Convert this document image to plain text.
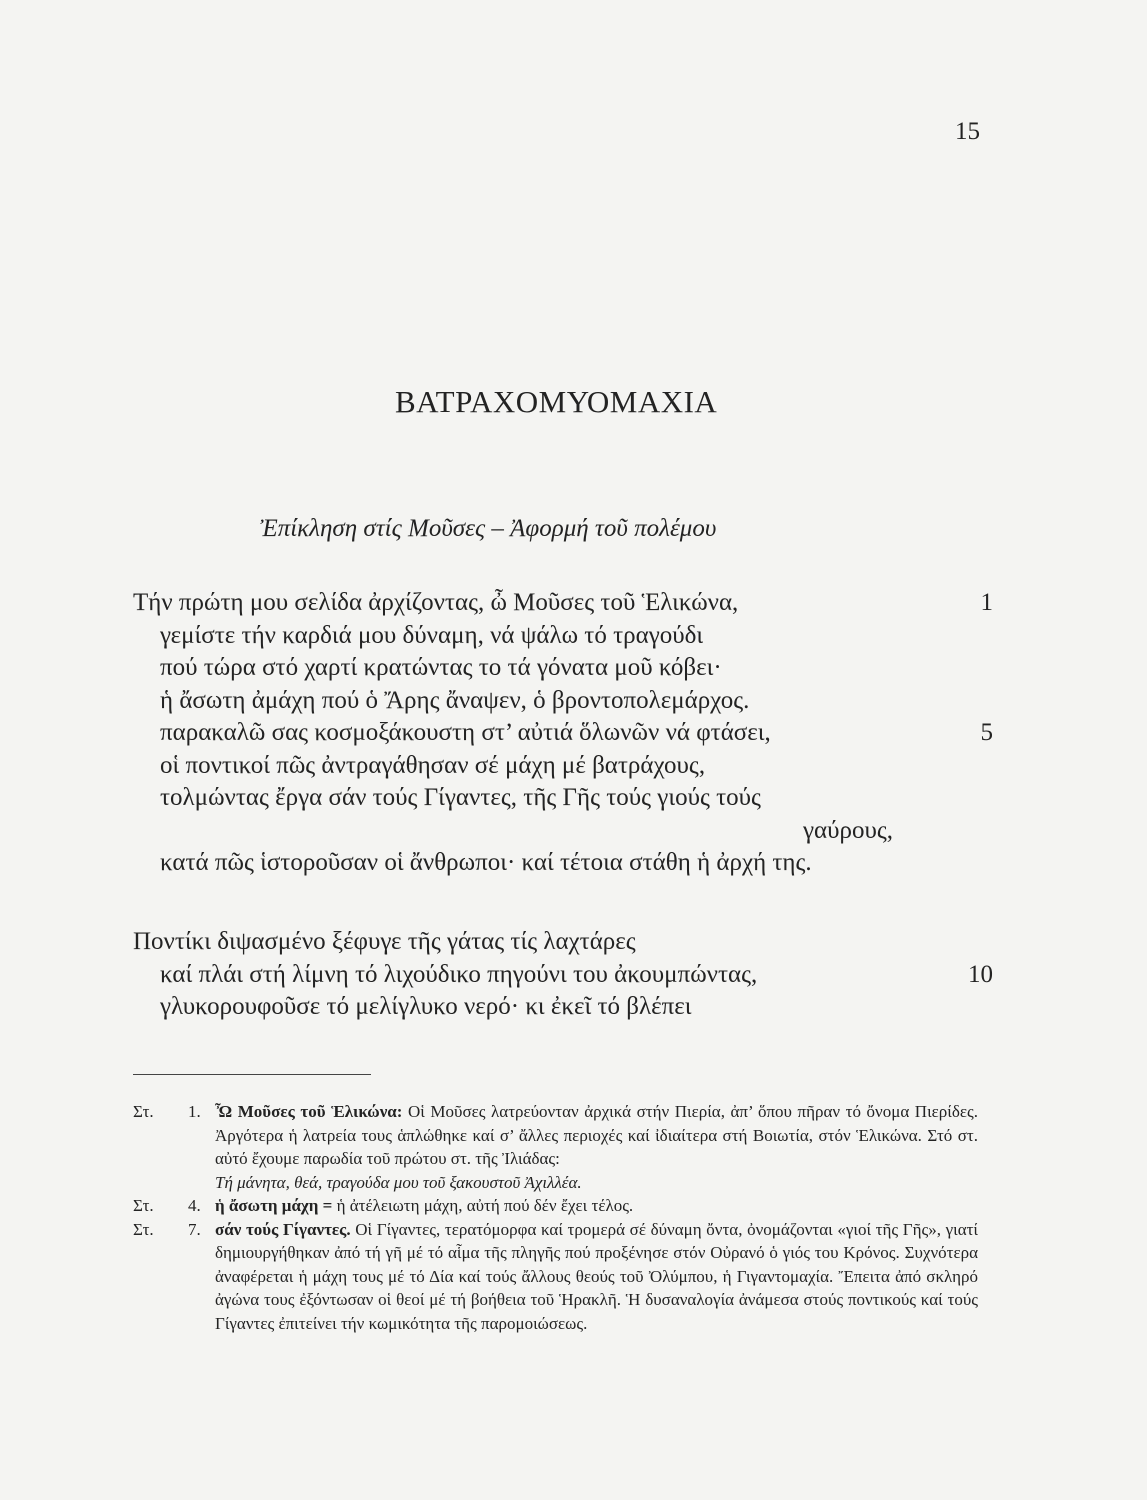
15
ΒΑΤΡΑΧΟΜΥΟΜΑΧΙΑ
Ἐπίκληση στίς Μοῦσες – Ἀφορμή τοῦ πολέμου
Τήν πρώτη μου σελίδα ἀρχίζοντας, ὦ Μοῦσες τοῦ Ἑλικώνα,	1
γεμίστε τήν καρδιά μου δύναμη, νά ψάλω τό τραγούδι
πού τώρα στό χαρτί κρατώντας το τά γόνατα μοῦ κόβει·
ἡ ἄσωτη ἀμάχη πού ὁ Ἄρης ἄναψεν, ὁ βροντοπολεμάρχος.
παρακαλῶ σας κοσμοξάκουστη στ’ αὐτιά ὅλωνῶν νά φτάσει,	5
οἱ ποντικοί πῶς ἀντραγάθησαν σέ μάχη μέ βατράχους,
τολμώντας ἔργα σάν τούς Γίγαντες, τῆς Γῆς τούς γιούς τούς
γαύρους,
κατά πῶς ἱστοροῦσαν οἱ ἄνθρωποι· καί τέτοια στάθη ἡ ἀρχή της.
Ποντίκι διψασμένο ξέφυγε τῆς γάτας τίς λαχτάρες
καί πλάι στή λίμνη τό λιχούδικο πηγούνι του ἀκουμπώντας,	10
γλυκορουφοῦσε τό μελίγλυκο νερό· κι ἐκεῖ τό βλέπει
Στ. 1. Ὦ Μοῦσες τοῦ Ἑλικώνα: Οἱ Μοῦσες λατρεύονταν ἀρχικά στήν Πιερία, ἀπ’ ὅπου πῆραν τό ὄνομα Πιερίδες. Ἀργότερα ἡ λατρεία τους ἁπλώθηκε καί σ’ ἄλλες περιοχές καί ἰδιαίτερα στή Βοιωτία, στόν Ἑλικώνα. Στό στ. αὐτό ἔχουμε παρωδία τοῦ πρώτου στ. τῆς Ἰλιάδας:
Τή μάνητα, θεά, τραγούδα μου τοῦ ξακουστοῦ Ἀχιλλέα.
Στ. 4. ἡ ἄσωτη μάχη = ἡ ἀτέλειωτη μάχη, αὐτή πού δέν ἔχει τέλος.
Στ. 7. σάν τούς Γίγαντες. Οἱ Γίγαντες, τερατόμορφα καί τρομερά σέ δύναμη ὄντα, ὀνομάζονται «γιοί τῆς Γῆς», γιατί δημιουργήθηκαν ἀπό τή γῆ μέ τό αἷμα τῆς πληγῆς πού προξένησε στόν Οὐρανό ὁ γιός του Κρόνος. Συχνότερα ἀναφέρεται ἡ μάχη τους μέ τό Δία καί τούς ἄλλους θεούς τοῦ Ὀλύμπου, ἡ Γιγαντομαχία. Ἔπειτα ἀπό σκληρό ἀγώνα τους ἐξόντωσαν οἱ θεοί μέ τή βοήθεια τοῦ Ἡρακλῆ. Ἡ δυσαναλογία ἀνάμεσα στούς ποντικούς καί τούς Γίγαντες ἐπιτείνει τήν κωμικότητα τῆς παρομοιώσεως.
